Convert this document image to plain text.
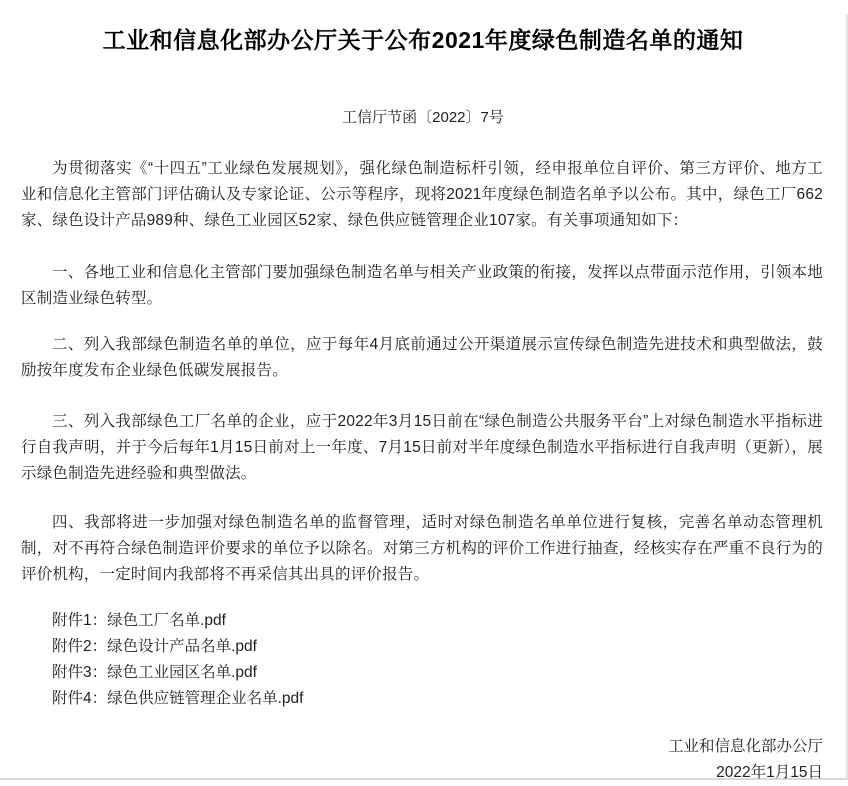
工业和信息化部办公厅关于公布2021年度绿色制造名单的通知
工信厅节函〔2022〕7号

为贯彻落实《“十四五”工业绿色发展规划》，强化绿色制造标杆引领，经申报单位自评价、第三方评价、地方工业和信息化主管部门评估确认及专家论证、公示等程序，现将2021年度绿色制造名单予以公布。其中，绿色工厂662家、绿色设计产品989种、绿色工业园区52家、绿色供应链管理企业107家。有关事项通知如下：

一、各地工业和信息化主管部门要加强绿色制造名单与相关产业政策的衔接，发挥以点带面示范作用，引领本地区制造业绿色转型。

二、列入我部绿色制造名单的单位，应于每年4月底前通过公开渠道展示宣传绿色制造先进技术和典型做法，鼓励按年度发布企业绿色低碳发展报告。

三、列入我部绿色工厂名单的企业，应于2022年3月15日前在“绿色制造公共服务平台”上对绿色制造水平指标进行自我声明，并于今后每年1月15日前对上一年度、7月15日前对半年度绿色制造水平指标进行自我声明（更新），展示绿色制造先进经验和典型做法。

四、我部将进一步加强对绿色制造名单的监督管理，适时对绿色制造名单单位进行复核，完善名单动态管理机制，对不再符合绿色制造评价要求的单位予以除名。对第三方机构的评价工作进行抽查，经核实存在严重不良行为的评价机构，一定时间内我部将不再采信其出具的评价报告。

附件1：绿色工厂名单.pdf
附件2：绿色设计产品名单.pdf
附件3：绿色工业园区名单.pdf
附件4：绿色供应链管理企业名单.pdf
工业和信息化部办公厅
2022年1月15日
